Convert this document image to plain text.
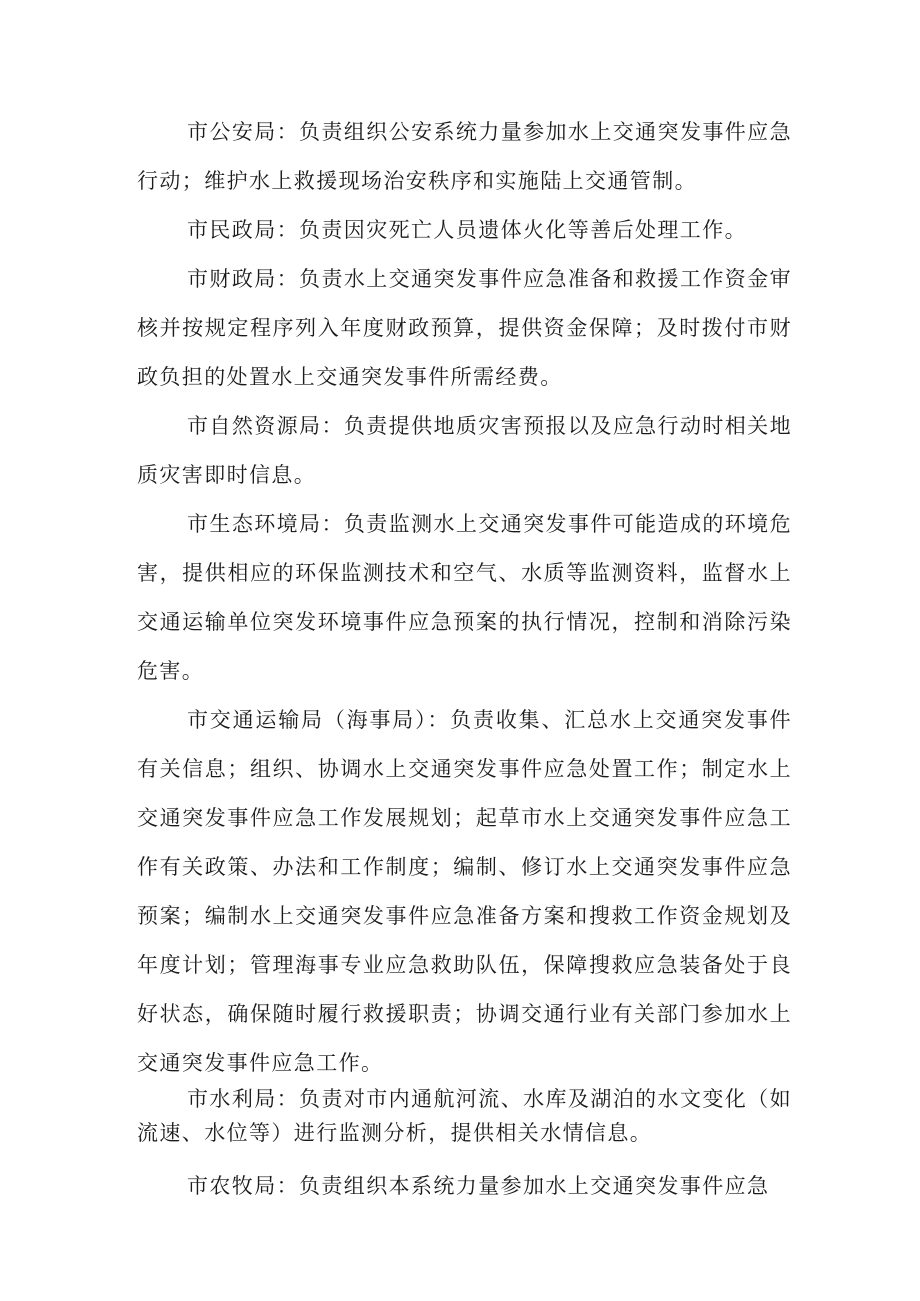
市公安局：负责组织公安系统力量参加水上交通突发事件应急行动；维护水上救援现场治安秩序和实施陆上交通管制。

市民政局：负责因灾死亡人员遗体火化等善后处理工作。

市财政局：负责水上交通突发事件应急准备和救援工作资金审核并按规定程序列入年度财政预算，提供资金保障；及时拨付市财政负担的处置水上交通突发事件所需经费。

市自然资源局：负责提供地质灾害预报以及应急行动时相关地质灾害即时信息。

市生态环境局：负责监测水上交通突发事件可能造成的环境危害，提供相应的环保监测技术和空气、水质等监测资料，监督水上交通运输单位突发环境事件应急预案的执行情况，控制和消除污染危害。

市交通运输局（海事局）：负责收集、汇总水上交通突发事件有关信息；组织、协调水上交通突发事件应急处置工作；制定水上交通突发事件应急工作发展规划；起草市水上交通突发事件应急工作有关政策、办法和工作制度；编制、修订水上交通突发事件应急预案；编制水上交通突发事件应急准备方案和搜救工作资金规划及年度计划；管理海事专业应急救助队伍，保障搜救应急装备处于良好状态，确保随时履行救援职责；协调交通行业有关部门参加水上交通突发事件应急工作。

市水利局：负责对市内通航河流、水库及湖泊的水文变化（如流速、水位等）进行监测分析，提供相关水情信息。

市农牧局：负责组织本系统力量参加水上交通突发事件应急
